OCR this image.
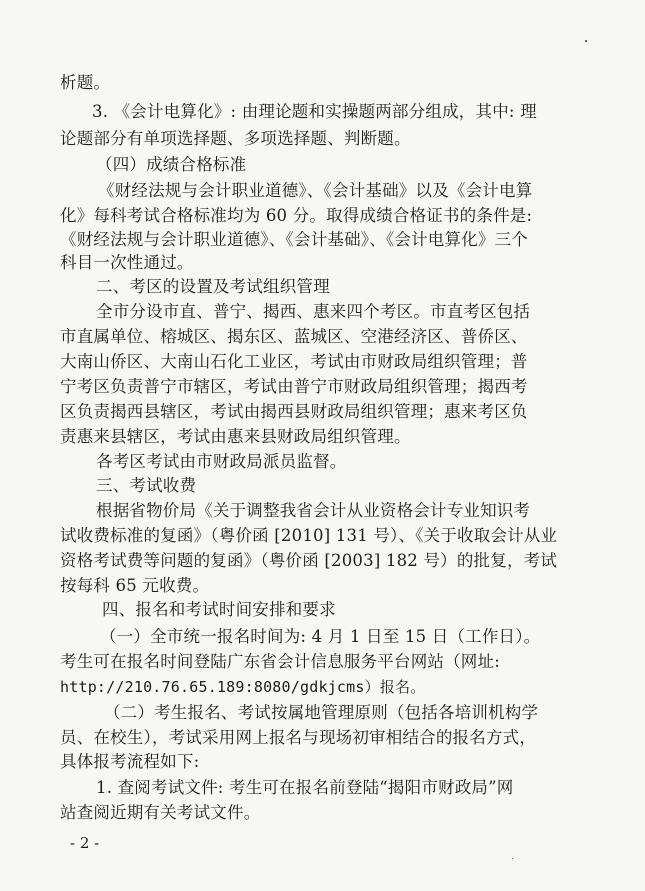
析题。
3. 《会计电算化》: 由理论题和实操题两部分组成，其中: 理
论题部分有单项选择题、多项选择题、判断题。
（四）成绩合格标准
《财经法规与会计职业道德》、《会计基础》以及《会计电算
化》每科考试合格标准均为 60 分。取得成绩合格证书的条件是:
《财经法规与会计职业道德》、《会计基础》、《会计电算化》三个
科目一次性通过。
二、考区的设置及考试组织管理
全市分设市直、普宁、揭西、惠来四个考区。市直考区包括
市直属单位、榕城区、揭东区、蓝城区、空港经济区、普侨区、
大南山侨区、大南山石化工业区，考试由市财政局组织管理；普
宁考区负责普宁市辖区，考试由普宁市财政局组织管理；揭西考
区负责揭西县辖区，考试由揭西县财政局组织管理；惠来考区负
责惠来县辖区，考试由惠来县财政局组织管理。
各考区考试由市财政局派员监督。
三、考试收费
根据省物价局《关于调整我省会计从业资格会计专业知识考
试收费标准的复函》（粤价函 [2010] 131 号）、《关于收取会计从业
资格考试费等问题的复函》（粤价函 [2003] 182 号）的批复，考试
按每科 65 元收费。
四、报名和考试时间安排和要求
（一）全市统一报名时间为: 4 月 1 日至 15 日（工作日）。
考生可在报名时间登陆广东省会计信息服务平台网站（网址:
http://210.76.65.189:8080/gdkjcms）报名。
（二）考生报名、考试按属地管理原则（包括各培训机构学
员、在校生），考试采用网上报名与现场初审相结合的报名方式，
具体报考流程如下:
1. 查阅考试文件: 考生可在报名前登陆“揭阳市财政局”网
站查阅近期有关考试文件。
- 2 -
